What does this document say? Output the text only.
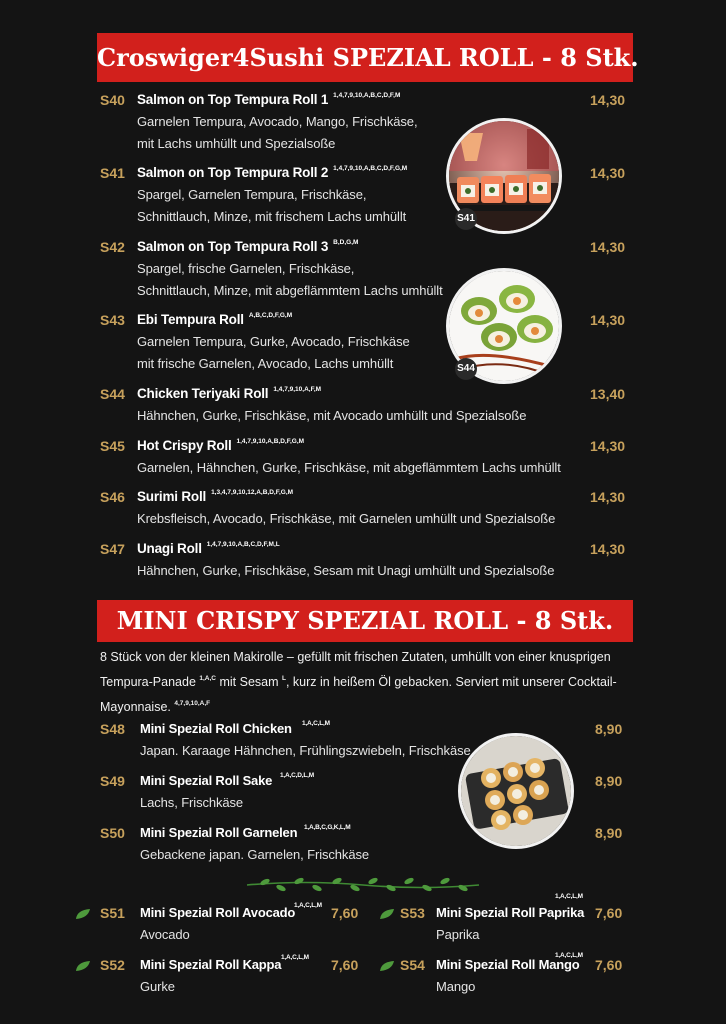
Croswiger4Sushi SPEZIAL ROLL - 8 Stk.
S40 Salmon on Top Tempura Roll 1 $^{1,4,7,9,10,A,B,C,D,F,M}$
Garnelen Tempura, Avocado, Mango, Frischkäse,
mit Lachs umhüllt und Spezialsoße
14,30
S41 Salmon on Top Tempura Roll 2 $^{1,4,7,9,10,A,B,C,D,F,G,M}$
Spargel, Garnelen Tempura, Frischkäse,
Schnittlauch, Minze, mit frischem Lachs umhüllt
14,30
S42 Salmon on Top Tempura Roll 3 $^{B,D,G,M}$
Spargel, frische Garnelen, Frischkäse,
Schnittlauch, Minze, mit abgeflämmtem Lachs umhüllt
14,30
S43 Ebi Tempura Roll $^{A,B,C,D,F,G,M}$
Garnelen Tempura, Gurke, Avocado, Frischkäse
mit frische Garnelen, Avocado, Lachs umhüllt
14,30
S44 Chicken Teriyaki Roll $^{1,4,7,9,10,A,F,M}$
Hähnchen, Gurke, Frischkäse, mit Avocado umhüllt und Spezialsoße
13,40
S45 Hot Crispy Roll $^{1,4,7,9,10,A,B,D,F,G,M}$
Garnelen, Hähnchen, Gurke, Frischkäse, mit abgeflämmtem Lachs umhüllt
14,30
S46 Surimi Roll $^{1,3,4,7,9,10,12,A,B,D,F,G,M}$
Krebsfleisch, Avocado, Frischkäse, mit Garnelen umhüllt und Spezialsoße
14,30
S47 Unagi Roll $^{1,4,7,9,10,A,B,C,D,F,M,L}$
Hähnchen, Gurke, Frischkäse, Sesam mit Unagi umhüllt und Spezialsoße
14,30
S41
S44
MINI CRISPY SPEZIAL ROLL - 8 Stk.
8 Stück von der kleinen Makirolle – gefüllt mit frischen Zutaten, umhüllt von einer knusprigen Tempura-Panade $^{1,A,C}$ mit Sesam $^L$, kurz in heißem Öl gebacken. Serviert mit unserer Cocktail-Mayonnaise. $^{4,7,9,10,A,F}$
S48 Mini Spezial Roll Chicken 1,A,C,L,M
Japan. Karaage Hähnchen, Frühlingszwiebeln, Frischkäse
8,90
S49 Mini Spezial Roll Sake 1,A,C,D,L,M
Lachs, Frischkäse
8,90
S50 Mini Spezial Roll Garnelen 1,A,B,C,G,K,L,M
Gebackene japan. Garnelen, Frischkäse
8,90
S51 Mini Spezial Roll Avocado
1,A,C,L,M
Avocado
7,60	S53 Mini Spezial Roll Paprika
1,A,C,L,M
Paprika
7,60
S52 Mini Spezial Roll Kappa 1,A,C,L,M
Gurke
7,60	S54 Mini Spezial Roll Mango
1,A,C,L,M
Mango
7,60
